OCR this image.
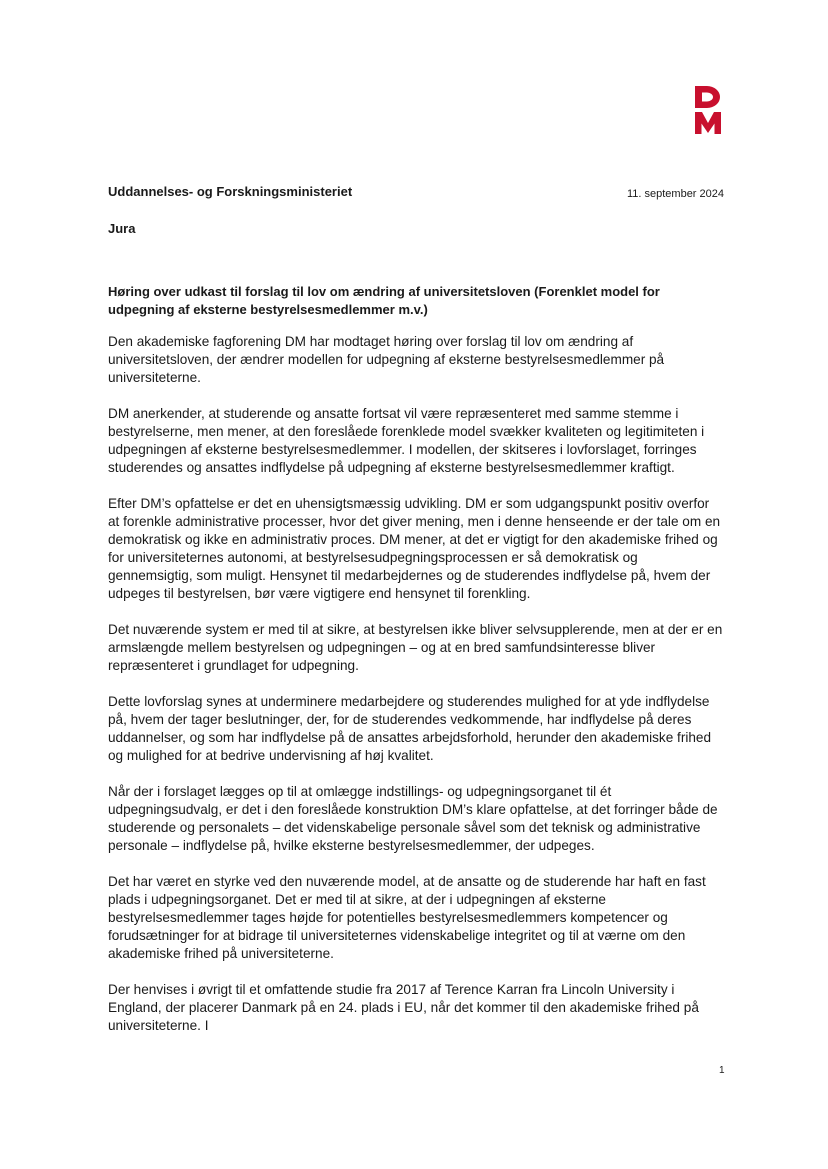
Uddannelses- og Forskningsministeriet	11. september 2024
Jura
Høring over udkast til forslag til lov om ændring af universitetsloven (Forenklet model for udpegning af eksterne bestyrelsesmedlemmer m.v.)

Den akademiske fagforening DM har modtaget høring over forslag til lov om ændring af universitetsloven, der ændrer modellen for udpegning af eksterne bestyrelsesmedlemmer på universiteterne.

DM anerkender, at studerende og ansatte fortsat vil være repræsenteret med samme stemme i bestyrelserne, men mener, at den foreslåede forenklede model svækker kvaliteten og legitimiteten i udpegningen af eksterne bestyrelsesmedlemmer. I modellen, der skitseres i lovforslaget, forringes studerendes og ansattes indflydelse på udpegning af eksterne bestyrelsesmedlemmer kraftigt.

Efter DM’s opfattelse er det en uhensigtsmæssig udvikling. DM er som udgangspunkt positiv overfor at forenkle administrative processer, hvor det giver mening, men i denne henseende er der tale om en demokratisk og ikke en administrativ proces. DM mener, at det er vigtigt for den akademiske frihed og for universiteternes autonomi, at bestyrelsesudpegningsprocessen er så demokratisk og gennemsigtig, som muligt. Hensynet til medarbejdernes og de studerendes indflydelse på, hvem der udpeges til bestyrelsen, bør være vigtigere end hensynet til forenkling.

Det nuværende system er med til at sikre, at bestyrelsen ikke bliver selvsupplerende, men at der er en armslængde mellem bestyrelsen og udpegningen – og at en bred samfundsinteresse bliver repræsenteret i grundlaget for udpegning.

Dette lovforslag synes at underminere medarbejdere og studerendes mulighed for at yde indflydelse på, hvem der tager beslutninger, der, for de studerendes vedkommende, har indflydelse på deres uddannelser, og som har indflydelse på de ansattes arbejdsforhold, herunder den akademiske frihed og mulighed for at bedrive undervisning af høj kvalitet.

Når der i forslaget lægges op til at omlægge indstillings- og udpegningsorganet til ét udpegningsudvalg, er det i den foreslåede konstruktion DM’s klare opfattelse, at det forringer både de studerende og personalets – det videnskabelige personale såvel som det teknisk og administrative personale – indflydelse på, hvilke eksterne bestyrelsesmedlemmer, der udpeges.

Det har været en styrke ved den nuværende model, at de ansatte og de studerende har haft en fast plads i udpegningsorganet. Det er med til at sikre, at der i udpegningen af eksterne bestyrelsesmedlemmer tages højde for potentielles bestyrelsesmedlemmers kompetencer og forudsætninger for at bidrage til universiteternes videnskabelige integritet og til at værne om den akademiske frihed på universiteterne.

Der henvises i øvrigt til et omfattende studie fra 2017 af Terence Karran fra Lincoln University i England, der placerer Danmark på en 24. plads i EU, når det kommer til den akademiske frihed på universiteterne. I

1
